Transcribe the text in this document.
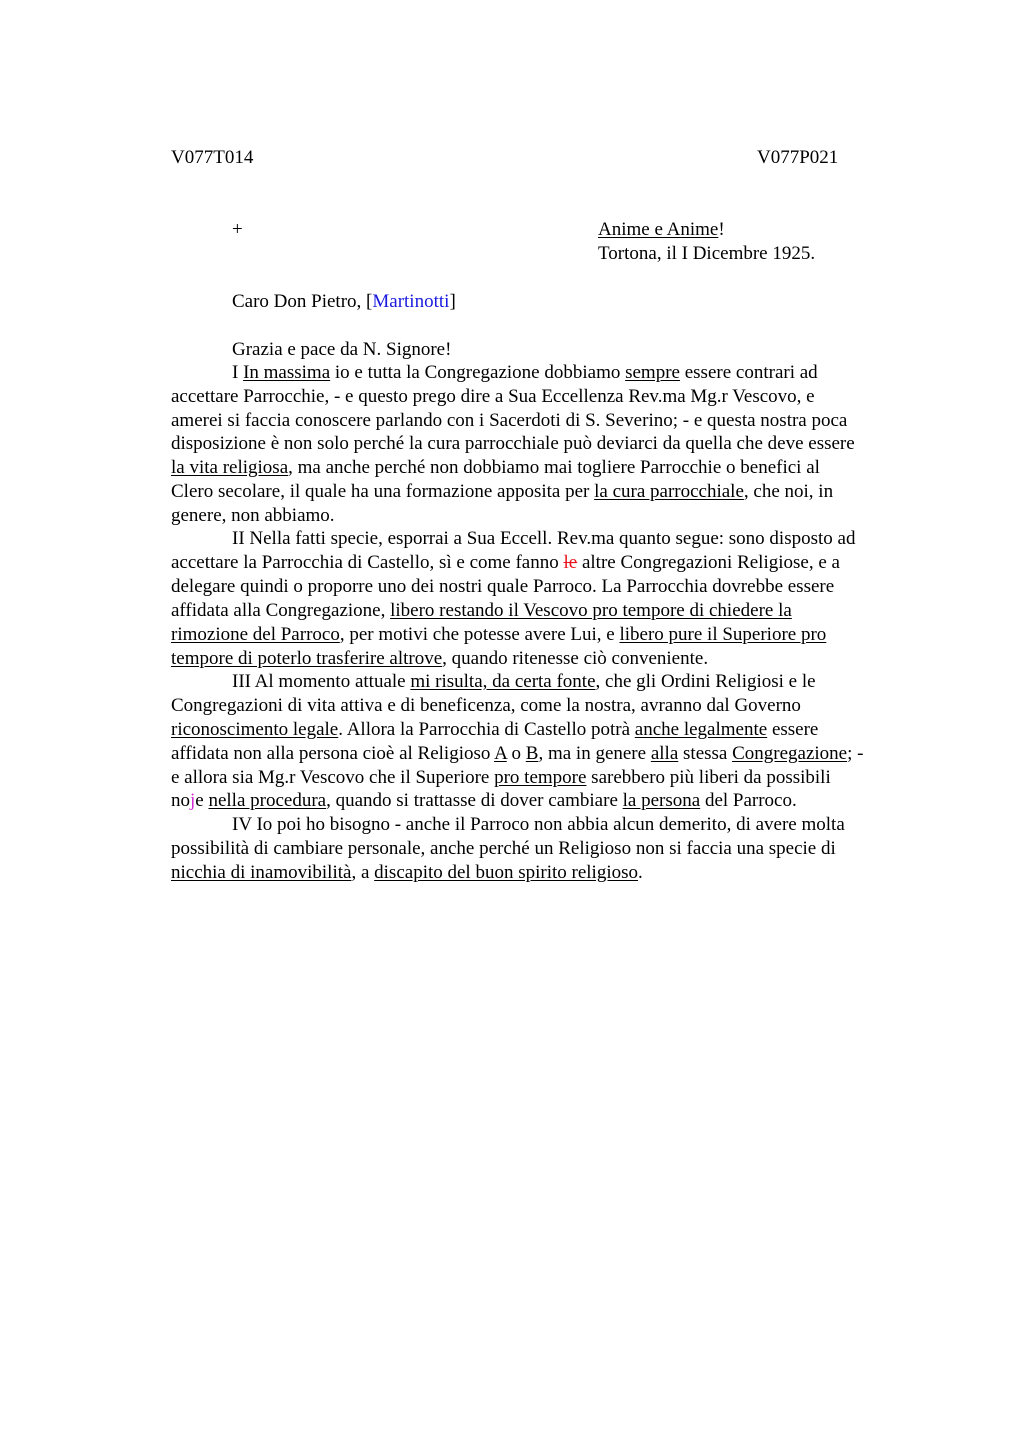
V077T014	V077P021
+	Anime e Anime!
Tortona, il I Dicembre 1925.
Caro Don Pietro, [Martinotti]
Grazia e pace da N. Signore!
I In massima io e tutta la Congregazione dobbiamo sempre essere contrari ad
accettare Parrocchie, - e questo prego dire a Sua Eccellenza Rev.ma Mg.r Vescovo, e
amerei si faccia conoscere parlando con i Sacerdoti di S. Severino; - e questa nostra poca
disposizione è non solo perché la cura parrocchiale può deviarci da quella che deve essere
la vita religiosa, ma anche perché non dobbiamo mai togliere Parrocchie o benefici al
Clero secolare, il quale ha una formazione apposita per la cura parrocchiale, che noi, in
genere, non abbiamo.
II Nella fatti specie, esporrai a Sua Eccell. Rev.ma quanto segue: sono disposto ad
accettare la Parrocchia di Castello, sì e come fanno le altre Congregazioni Religiose, e a
delegare quindi o proporre uno dei nostri quale Parroco. La Parrocchia dovrebbe essere
affidata alla Congregazione, libero restando il Vescovo pro tempore di chiedere la
rimozione del Parroco, per motivi che potesse avere Lui, e libero pure il Superiore pro
tempore di poterlo trasferire altrove, quando ritenesse ciò conveniente.
III Al momento attuale mi risulta, da certa fonte, che gli Ordini Religiosi e le
Congregazioni di vita attiva e di beneficenza, come la nostra, avranno dal Governo
riconoscimento legale. Allora la Parrocchia di Castello potrà anche legalmente essere
affidata non alla persona cioè al Religioso A o B, ma in genere alla stessa Congregazione; -
e allora sia Mg.r Vescovo che il Superiore pro tempore sarebbero più liberi da possibili
noje nella procedura, quando si trattasse di dover cambiare la persona del Parroco.
IV Io poi ho bisogno - anche il Parroco non abbia alcun demerito, di avere molta
possibilità di cambiare personale, anche perché un Religioso non si faccia una specie di
nicchia di inamovibilità, a discapito del buon spirito religioso.
